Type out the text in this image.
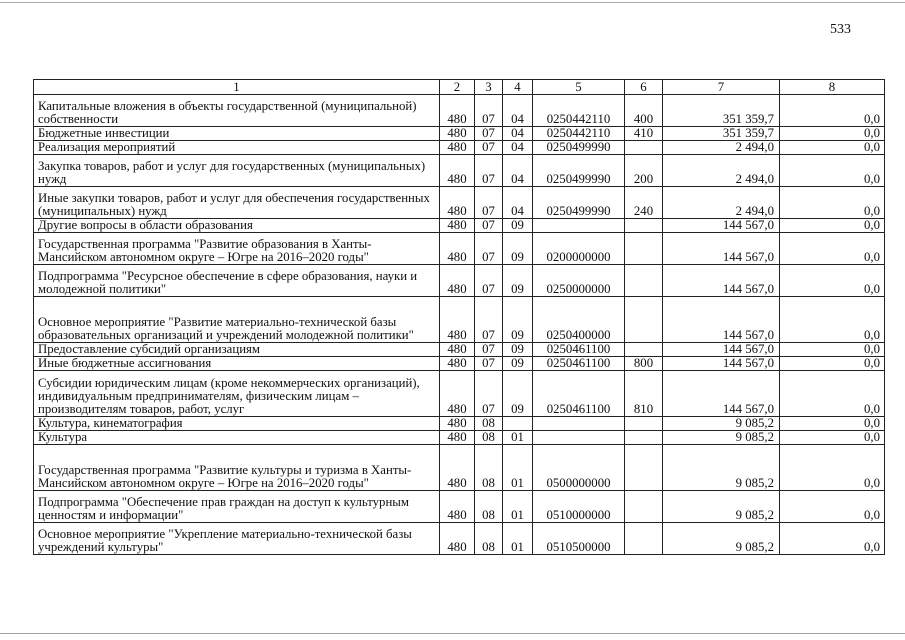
533
1	2	3	4	5	6	7	8
Капитальные вложения в объекты государственной (муниципальной) собственности	480	07	04	0250442110	400	351 359,7	0,0
Бюджетные инвестиции	480	07	04	0250442110	410	351 359,7	0,0
Реализация мероприятий	480	07	04	0250499990		2 494,0	0,0
Закупка товаров, работ и услуг для государственных (муниципальных) нужд	480	07	04	0250499990	200	2 494,0	0,0
Иные закупки товаров, работ и услуг для обеспечения государственных (муниципальных) нужд	480	07	04	0250499990	240	2 494,0	0,0
Другие вопросы в области образования	480	07	09			144 567,0	0,0
Государственная программа "Развитие образования в Ханты-Мансийском автономном округе – Югре на 2016–2020 годы"	480	07	09	0200000000		144 567,0	0,0
Подпрограмма "Ресурсное обеспечение в сфере образования, науки и молодежной политики"	480	07	09	0250000000		144 567,0	0,0
Основное мероприятие "Развитие материально-технической базы образовательных организаций и учреждений молодежной политики"	480	07	09	0250400000		144 567,0	0,0
Предоставление субсидий организациям	480	07	09	0250461100		144 567,0	0,0
Иные бюджетные ассигнования	480	07	09	0250461100	800	144 567,0	0,0
Субсидии юридическим лицам (кроме некоммерческих организаций), индивидуальным предпринимателям, физическим лицам – производителям товаров, работ, услуг	480	07	09	0250461100	810	144 567,0	0,0
Культура, кинематография	480	08				9 085,2	0,0
Культура	480	08	01			9 085,2	0,0
Государственная программа "Развитие культуры и туризма в Ханты-Мансийском автономном округе – Югре на 2016–2020 годы"	480	08	01	0500000000		9 085,2	0,0
Подпрограмма "Обеспечение прав граждан на доступ к культурным ценностям и информации"	480	08	01	0510000000		9 085,2	0,0
Основное мероприятие "Укрепление материально-технической базы учреждений культуры"	480	08	01	0510500000		9 085,2	0,0
